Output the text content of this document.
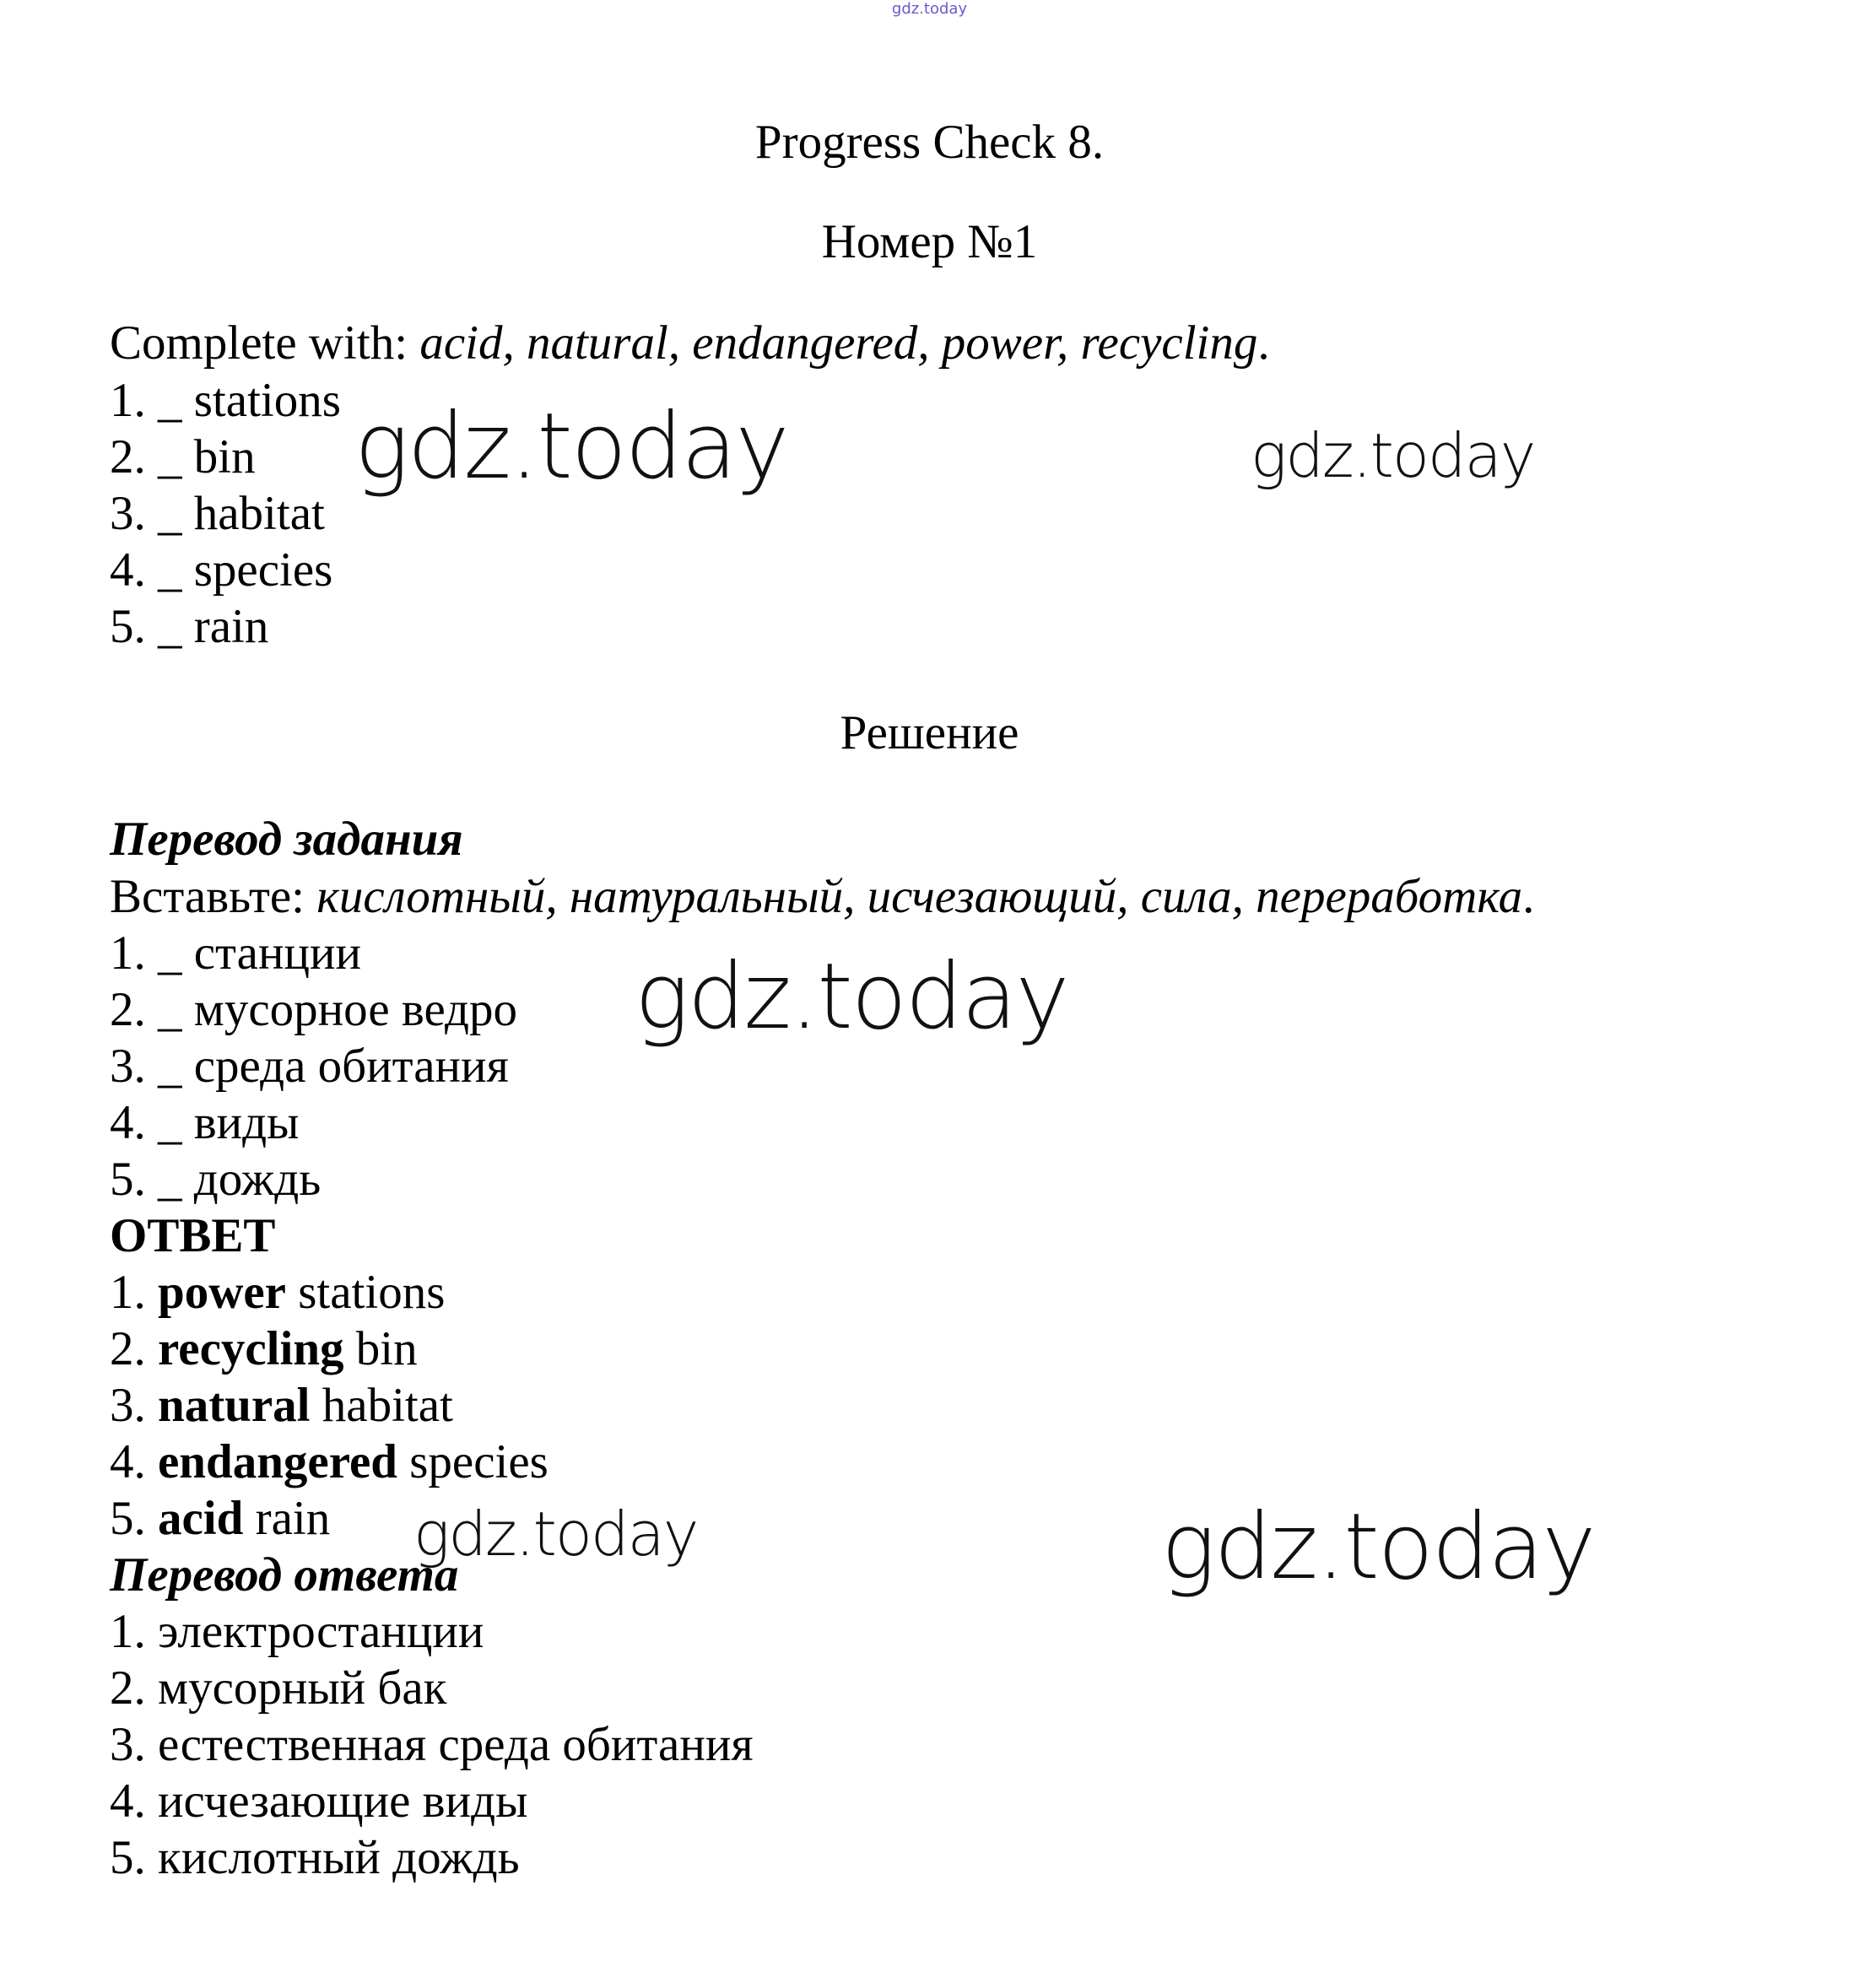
gdz.today
Progress Check 8.
Номер №1
Complete with: acid, natural, endangered, power, recycling.
1. _ stations
2. _ bin
3. _ habitat
4. _ species
5. _ rain
Решение
Перевод задания
Вставьте: кислотный, натуральный, исчезающий, сила, переработка.
1. _ станции
2. _ мусорное ведро
3. _ среда обитания
4. _ виды
5. _ дождь
ОТВЕТ
1. power stations
2. recycling bin
3. natural habitat
4. endangered species
5. acid rain
Перевод ответа
1. электростанции
2. мусорный бак
3. естественная среда обитания
4. исчезающие виды
5. кислотный дождь
gdz.today	gdz.today
gdz.today
gdz.today	gdz.today
